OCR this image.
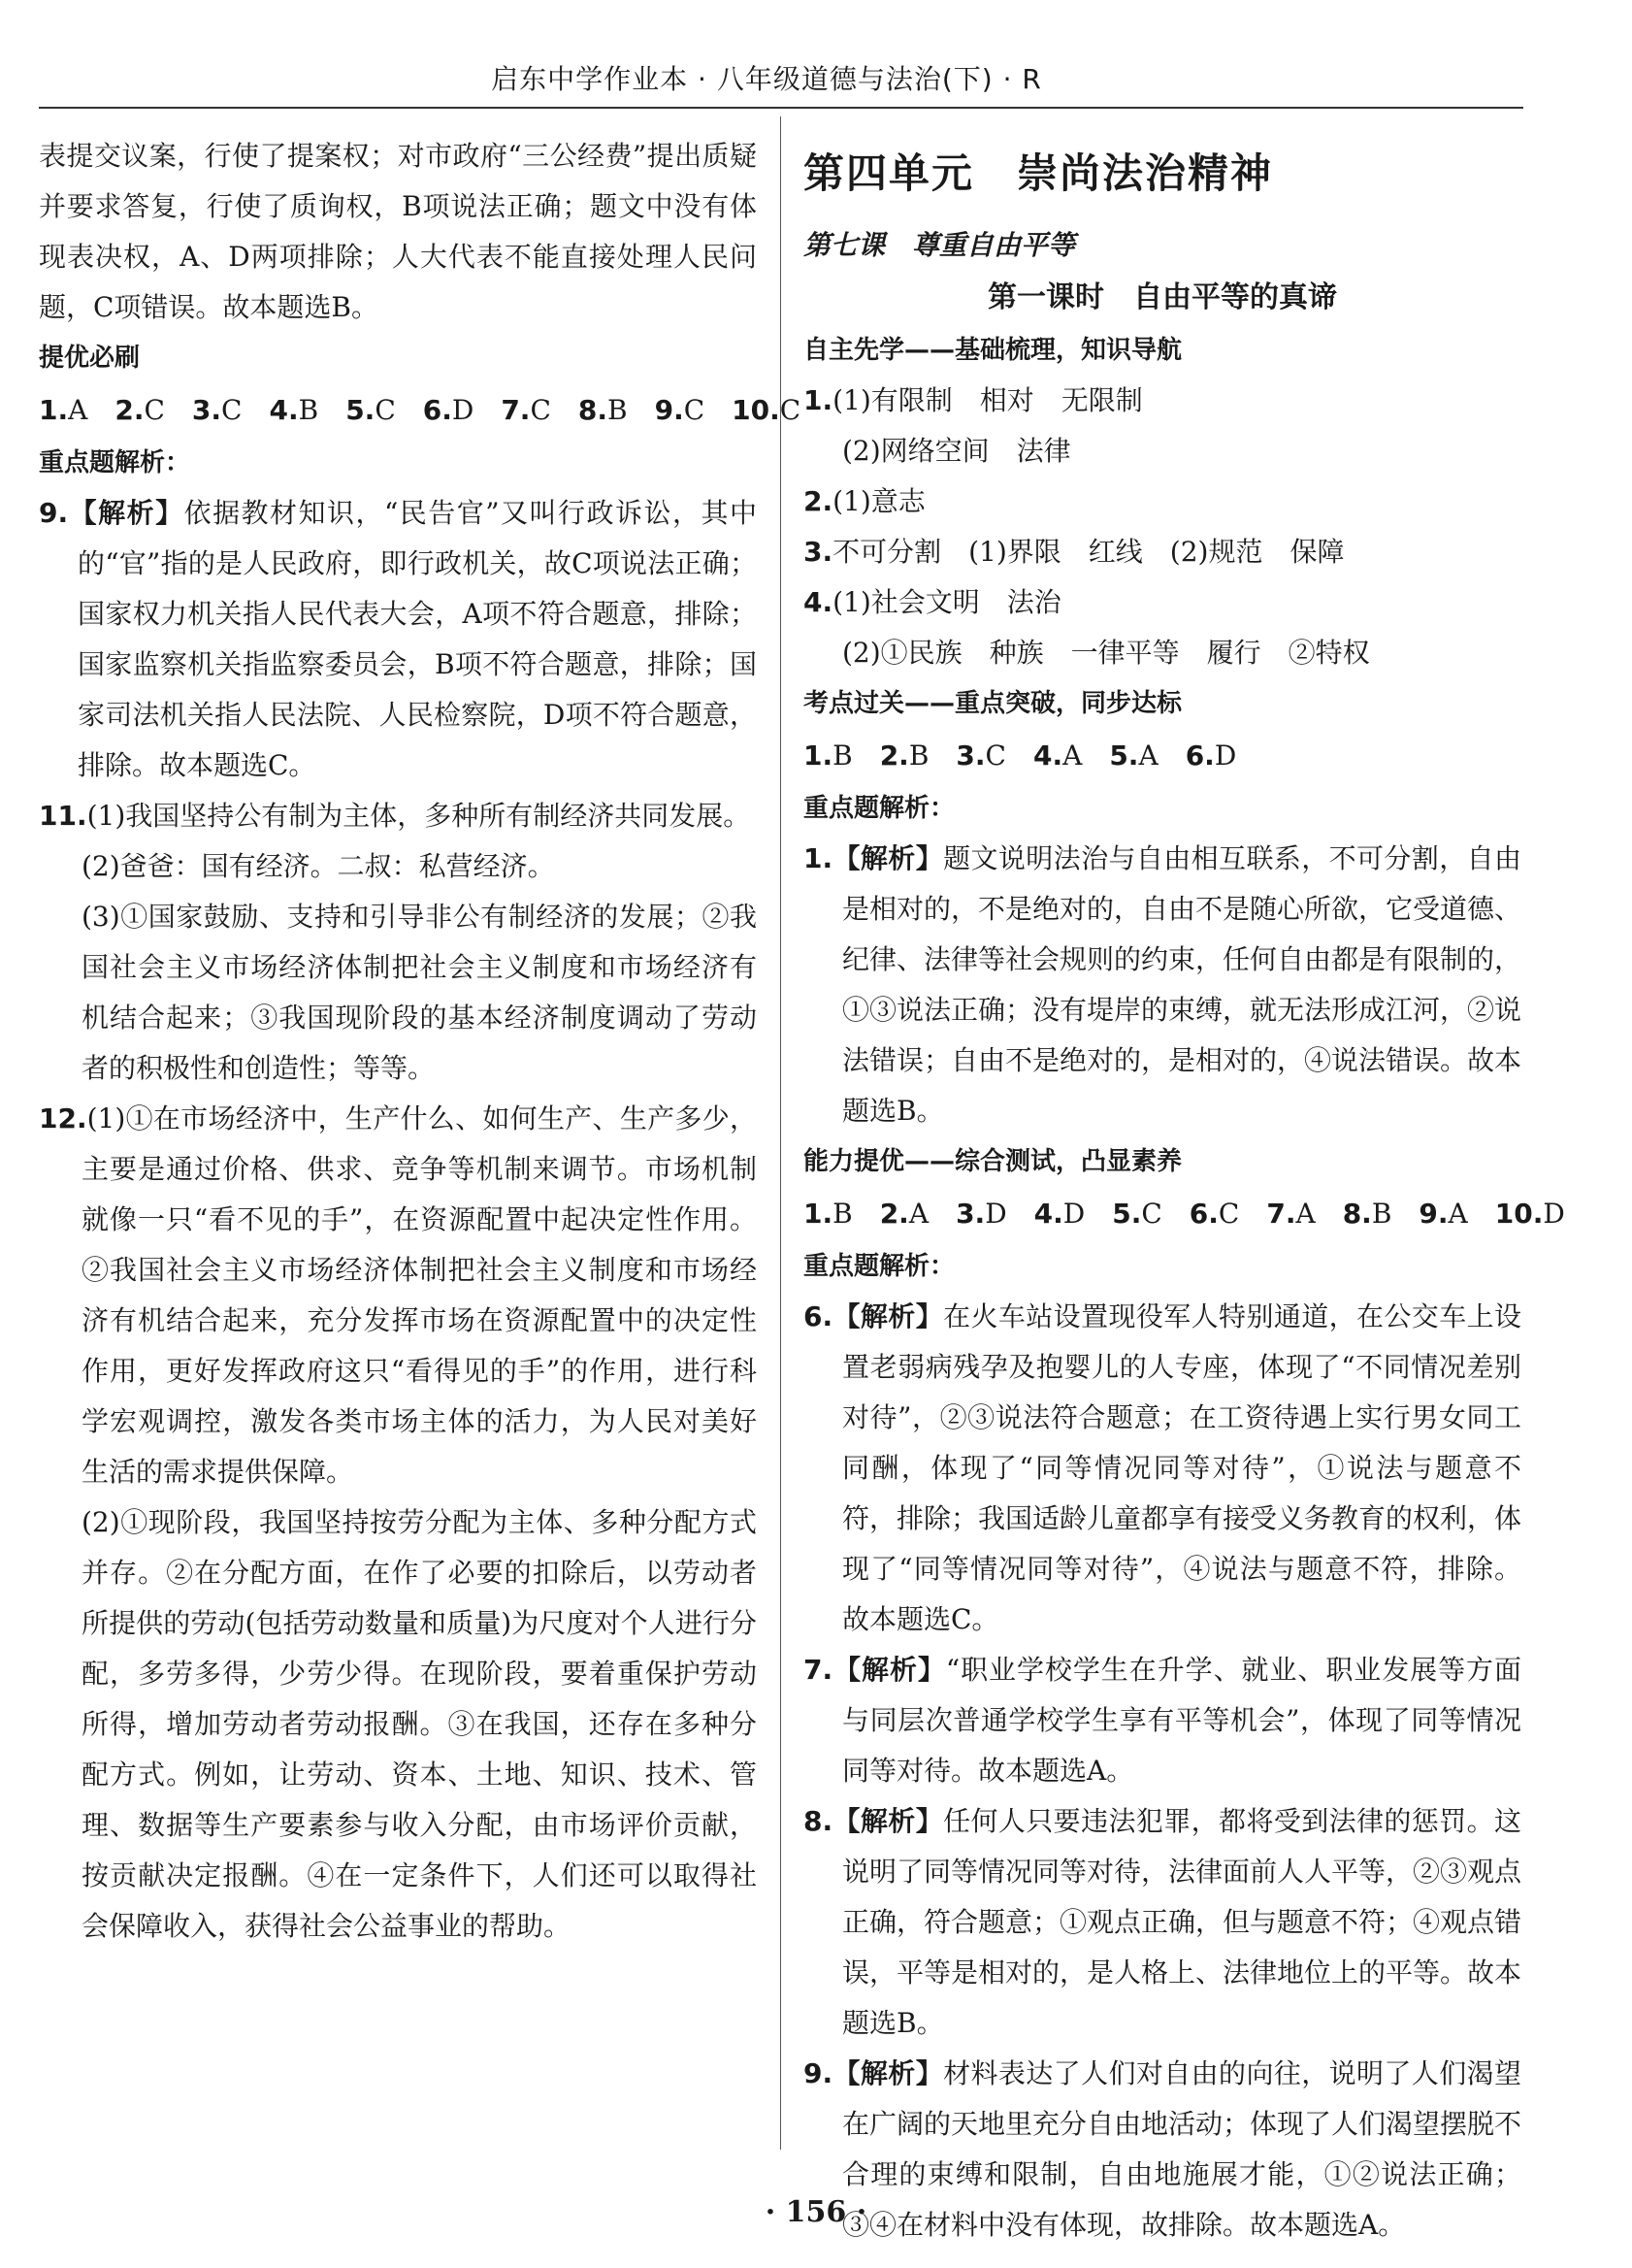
启东中学作业本 · 八年级道德与法治(下) · R

表提交议案，行使了提案权；对市政府“三公经费”提出质疑并要求答复，行使了质询权，B项说法正确；题文中没有体现表决权，A、D两项排除；人大代表不能直接处理人民问题，C项错误。故本题选B。

提优必刷

1.A 2.C 3.C 4.B 5.C 6.D 7.C 8.B 9.C 10.C

重点题解析：

9.【解析】依据教材知识，“民告官”又叫行政诉讼，其中的“官”指的是人民政府，即行政机关，故C项说法正确；国家权力机关指人民代表大会，A项不符合题意，排除；国家监察机关指监察委员会，B项不符合题意，排除；国家司法机关指人民法院、人民检察院，D项不符合题意，排除。故本题选C。

11.(1)我国坚持公有制为主体，多种所有制经济共同发展。

(2)爸爸：国有经济。二叔：私营经济。

(3)①国家鼓励、支持和引导非公有制经济的发展；②我国社会主义市场经济体制把社会主义制度和市场经济有机结合起来；③我国现阶段的基本经济制度调动了劳动者的积极性和创造性；等等。

12.(1)①在市场经济中，生产什么、如何生产、生产多少，主要是通过价格、供求、竞争等机制来调节。市场机制就像一只“看不见的手”，在资源配置中起决定性作用。②我国社会主义市场经济体制把社会主义制度和市场经济有机结合起来，充分发挥市场在资源配置中的决定性作用，更好发挥政府这只“看得见的手”的作用，进行科学宏观调控，激发各类市场主体的活力，为人民对美好生活的需求提供保障。

(2)①现阶段，我国坚持按劳分配为主体、多种分配方式并存。②在分配方面，在作了必要的扣除后，以劳动者所提供的劳动(包括劳动数量和质量)为尺度对个人进行分配，多劳多得，少劳少得。在现阶段，要着重保护劳动所得，增加劳动者劳动报酬。③在我国，还存在多种分配方式。例如，让劳动、资本、土地、知识、技术、管理、数据等生产要素参与收入分配，由市场评价贡献，按贡献决定报酬。④在一定条件下，人们还可以取得社会保障收入，获得社会公益事业的帮助。

第四单元　崇尚法治精神

第七课　尊重自由平等

第一课时　自由平等的真谛

自主先学——基础梳理，知识导航

1.(1)有限制　相对　无限制

(2)网络空间　法律

2.(1)意志

3.不可分割　(1)界限　红线　(2)规范　保障

4.(1)社会文明　法治

(2)①民族　种族　一律平等　履行　②特权

考点过关——重点突破，同步达标

1.B 2.B 3.C 4.A 5.A 6.D

重点题解析：

1.【解析】题文说明法治与自由相互联系，不可分割，自由是相对的，不是绝对的，自由不是随心所欲，它受道德、纪律、法律等社会规则的约束，任何自由都是有限制的，①③说法正确；没有堤岸的束缚，就无法形成江河，②说法错误；自由不是绝对的，是相对的，④说法错误。故本题选B。

能力提优——综合测试，凸显素养

1.B 2.A 3.D 4.D 5.C 6.C 7.A 8.B 9.A 10.D

重点题解析：

6.【解析】在火车站设置现役军人特别通道，在公交车上设置老弱病残孕及抱婴儿的人专座，体现了“不同情况差别对待”，②③说法符合题意；在工资待遇上实行男女同工同酬，体现了“同等情况同等对待”，①说法与题意不符，排除；我国适龄儿童都享有接受义务教育的权利，体现了“同等情况同等对待”，④说法与题意不符，排除。故本题选C。

7.【解析】“职业学校学生在升学、就业、职业发展等方面与同层次普通学校学生享有平等机会”，体现了同等情况同等对待。故本题选A。

8.【解析】任何人只要违法犯罪，都将受到法律的惩罚。这说明了同等情况同等对待，法律面前人人平等，②③观点正确，符合题意；①观点正确，但与题意不符；④观点错误，平等是相对的，是人格上、法律地位上的平等。故本题选B。

9.【解析】材料表达了人们对自由的向往，说明了人们渴望在广阔的天地里充分自由地活动；体现了人们渴望摆脱不合理的束缚和限制，自由地施展才能，①②说法正确；③④在材料中没有体现，故排除。故本题选A。

· 156 ·
